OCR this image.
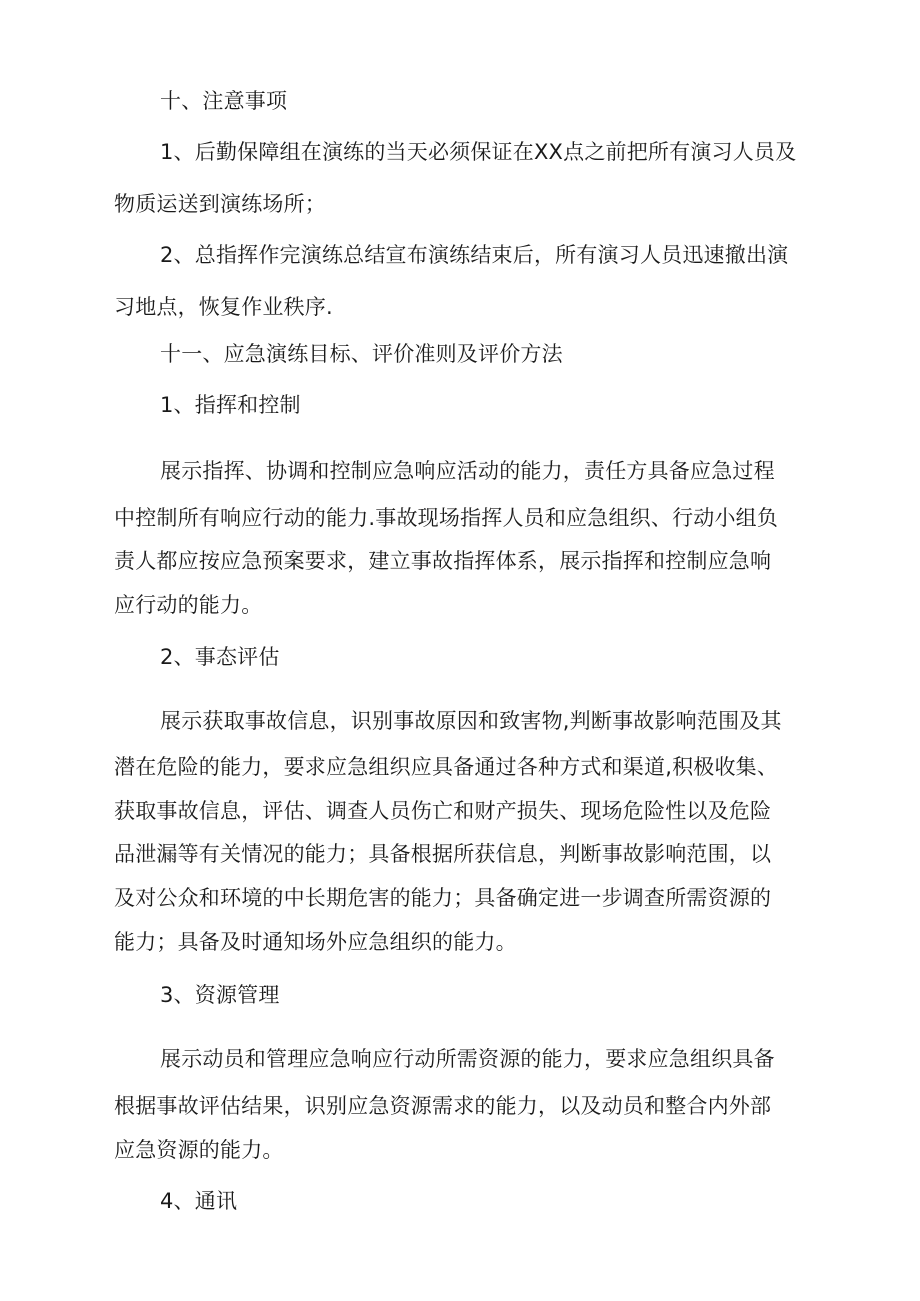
十、注意事项
1、后勤保障组在演练的当天必须保证在XX点之前把所有演习人员及
物质运送到演练场所；
2、总指挥作完演练总结宣布演练结束后，所有演习人员迅速撤出演
习地点，恢复作业秩序.
十一、应急演练目标、评价准则及评价方法
1、指挥和控制
展示指挥、协调和控制应急响应活动的能力，责任方具备应急过程
中控制所有响应行动的能力.事故现场指挥人员和应急组织、行动小组负
责人都应按应急预案要求，建立事故指挥体系，展示指挥和控制应急响
应行动的能力。
2、事态评估
展示获取事故信息，识别事故原因和致害物,判断事故影响范围及其
潜在危险的能力，要求应急组织应具备通过各种方式和渠道,积极收集、
获取事故信息，评估、调查人员伤亡和财产损失、现场危险性以及危险
品泄漏等有关情况的能力；具备根据所获信息，判断事故影响范围，以
及对公众和环境的中长期危害的能力；具备确定进一步调查所需资源的
能力；具备及时通知场外应急组织的能力。
3、资源管理
展示动员和管理应急响应行动所需资源的能力，要求应急组织具备
根据事故评估结果，识别应急资源需求的能力，以及动员和整合内外部
应急资源的能力。
4、通讯
